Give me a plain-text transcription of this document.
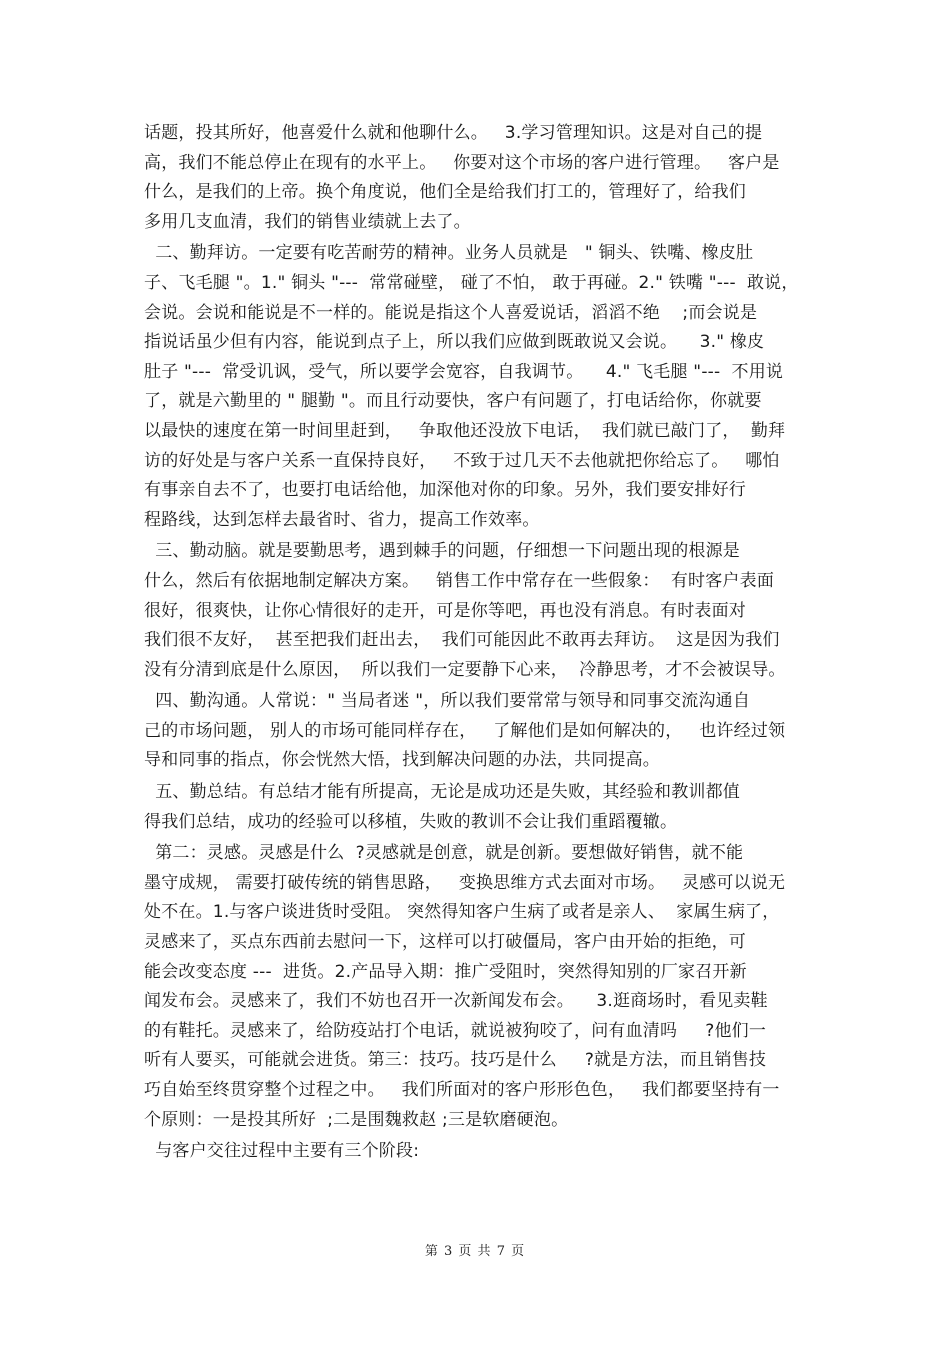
话题，投其所好，他喜爱什么就和他聊什么。   3.学习管理知识。这是对自己的提
高，我们不能总停止在现有的水平上。   你要对这个市场的客户进行管理。   客户是
什么，是我们的上帝。换个角度说，他们全是给我们打工的，管理好了，给我们
多用几支血清，我们的销售业绩就上去了。
二、勤拜访。一定要有吃苦耐劳的精神。业务人员就是   " 铜头、铁嘴、橡皮肚
子、飞毛腿 "。1." 铜头 "---  常常碰壁， 碰了不怕， 敢于再碰。2." 铁嘴 "---  敢说，
会说。会说和能说是不一样的。能说是指这个人喜爱说话，滔滔不绝    ;而会说是
指说话虽少但有内容，能说到点子上，所以我们应做到既敢说又会说。    3." 橡皮
肚子 "---  常受讥讽，受气，所以要学会宽容，自我调节。    4." 飞毛腿 "---  不用说
了，就是六勤里的 " 腿勤 "。而且行动要快，客户有问题了，打电话给你，你就要
以最快的速度在第一时间里赶到，   争取他还没放下电话，  我们就已敲门了，  勤拜
访的好处是与客户关系一直保持良好，   不致于过几天不去他就把你给忘了。   哪怕
有事亲自去不了，也要打电话给他，加深他对你的印象。另外，我们要安排好行
程路线，达到怎样去最省时、省力，提高工作效率。
三、勤动脑。就是要勤思考，遇到棘手的问题，仔细想一下问题出现的根源是
什么，然后有依据地制定解决方案。   销售工作中常存在一些假象：  有时客户表面
很好，很爽快，让你心情很好的走开，可是你等吧，再也没有消息。有时表面对
我们很不友好，  甚至把我们赶出去，  我们可能因此不敢再去拜访。  这是因为我们
没有分清到底是什么原因，  所以我们一定要静下心来，  冷静思考，才不会被误导。
四、勤沟通。人常说：" 当局者迷 "，所以我们要常常与领导和同事交流沟通自
己的市场问题， 别人的市场可能同样存在，   了解他们是如何解决的，   也许经过领
导和同事的指点，你会恍然大悟，找到解决问题的办法，共同提高。
五、勤总结。有总结才能有所提高，无论是成功还是失败，其经验和教训都值
得我们总结，成功的经验可以移植，失败的教训不会让我们重蹈覆辙。
第二：灵感。灵感是什么  ?灵感就是创意，就是创新。要想做好销售，就不能
墨守成规， 需要打破传统的销售思路，   变换思维方式去面对市场。   灵感可以说无
处不在。1.与客户谈进货时受阻。 突然得知客户生病了或者是亲人、  家属生病了，
灵感来了，买点东西前去慰问一下，这样可以打破僵局，客户由开始的拒绝，可
能会改变态度 ---  进货。2.产品导入期：推广受阻时，突然得知别的厂家召开新
闻发布会。灵感来了，我们不妨也召开一次新闻发布会。    3.逛商场时，看见卖鞋
的有鞋托。灵感来了，给防疫站打个电话，就说被狗咬了，问有血清吗     ?他们一
听有人要买，可能就会进货。第三：技巧。技巧是什么     ?就是方法，而且销售技
巧自始至终贯穿整个过程之中。   我们所面对的客户形形色色，   我们都要坚持有一
个原则：一是投其所好  ;二是围魏救赵 ;三是软磨硬泡。
与客户交往过程中主要有三个阶段:
第 3 页 共 7 页
